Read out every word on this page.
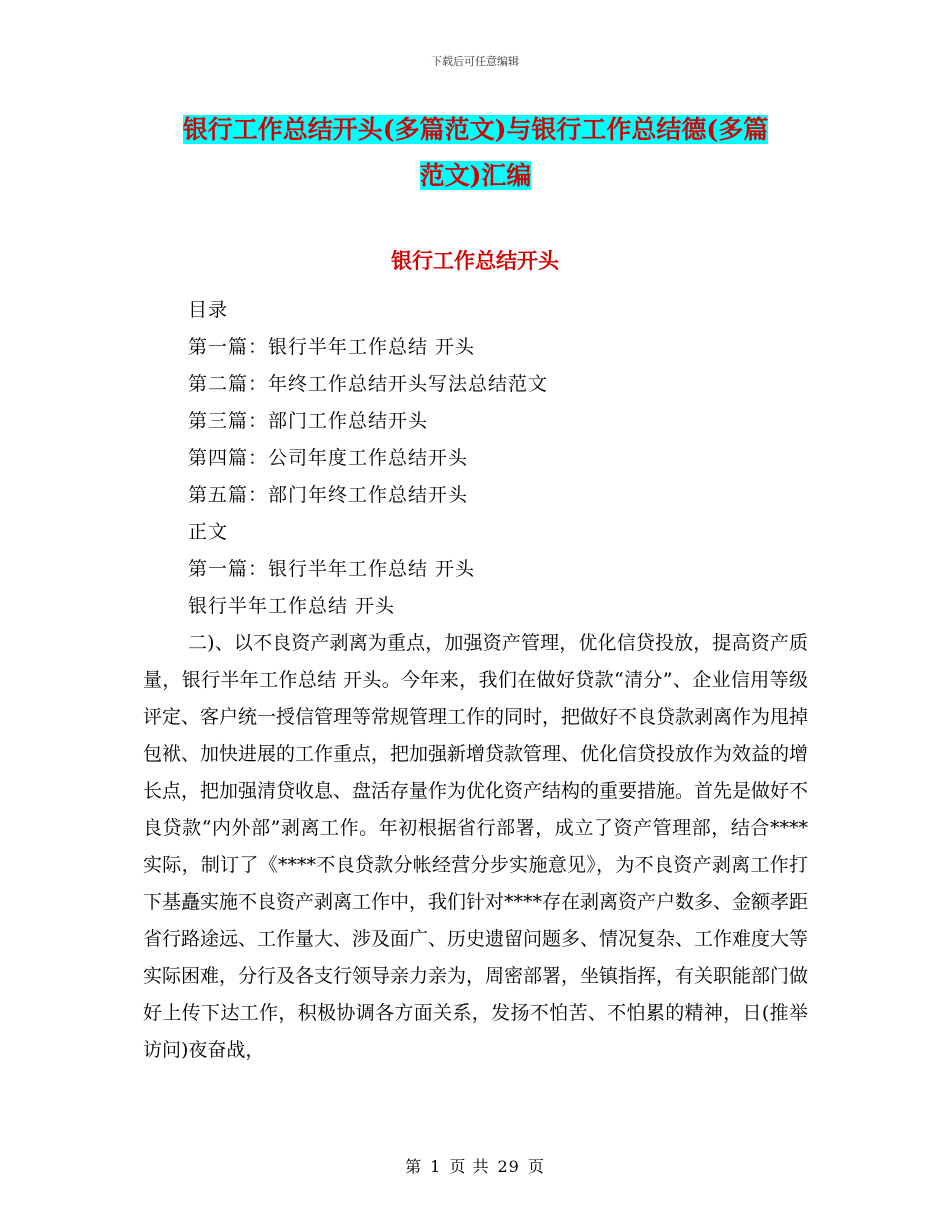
下载后可任意编辑
银行工作总结开头(多篇范文)与银行工作总结德(多篇
范文)汇编
银行工作总结开头
目录
第一篇：银行半年工作总结 开头
第二篇：年终工作总结开头写法总结范文
第三篇：部门工作总结开头
第四篇：公司年度工作总结开头
第五篇：部门年终工作总结开头
正文
第一篇：银行半年工作总结 开头
银行半年工作总结 开头
二)、以不良资产剥离为重点，加强资产管理，优化信贷投放，提高资产质量，银行半年工作总结 开头。今年来，我们在做好贷款“清分”、企业信用等级评定、客户统一授信管理等常规管理工作的同时，把做好不良贷款剥离作为甩掉包袱、加快进展的工作重点，把加强新增贷款管理、优化信贷投放作为效益的增长点，把加强清贷收息、盘活存量作为优化资产结构的重要措施。首先是做好不良贷款“内外部”剥离工作。年初根据省行部署，成立了资产管理部，结合****实际，制订了《****不良贷款分帐经营分步实施意见》，为不良资产剥离工作打下基矗实施不良资产剥离工作中，我们针对****存在剥离资产户数多、金额孝距省行路途远、工作量大、涉及面广、历史遗留问题多、情况复杂、工作难度大等实际困难，分行及各支行领导亲力亲为，周密部署，坐镇指挥，有关职能部门做好上传下达工作，积极协调各方面关系，发扬不怕苦、不怕累的精神，日(推举访问)夜奋战，
第 1 页 共 29 页
